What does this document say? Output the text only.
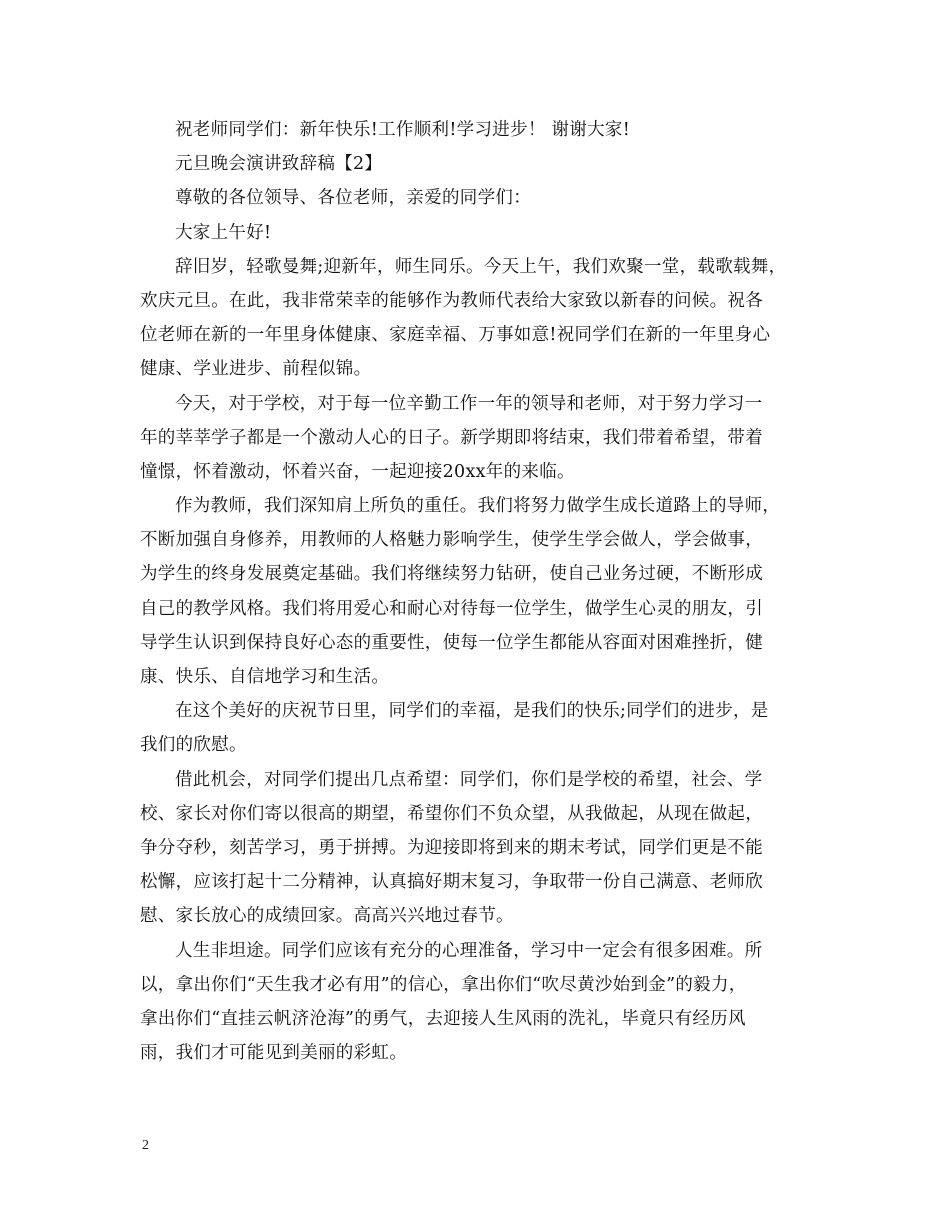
祝老师同学们：新年快乐!工作顺利!学习进步！ 谢谢大家!
元旦晚会演讲致辞稿【2】
尊敬的各位领导、各位老师，亲爱的同学们：
大家上午好!
辞旧岁，轻歌曼舞;迎新年，师生同乐。今天上午，我们欢聚一堂，载歌载舞，
欢庆元旦。在此，我非常荣幸的能够作为教师代表给大家致以新春的问候。祝各
位老师在新的一年里身体健康、家庭幸福、万事如意!祝同学们在新的一年里身心
健康、学业进步、前程似锦。
今天，对于学校，对于每一位辛勤工作一年的领导和老师，对于努力学习一
年的莘莘学子都是一个激动人心的日子。新学期即将结束，我们带着希望，带着
憧憬，怀着激动，怀着兴奋，一起迎接20xx年的来临。
作为教师，我们深知肩上所负的重任。我们将努力做学生成长道路上的导师，
不断加强自身修养，用教师的人格魅力影响学生，使学生学会做人，学会做事，
为学生的终身发展奠定基础。我们将继续努力钻研，使自己业务过硬，不断形成
自己的教学风格。我们将用爱心和耐心对待每一位学生，做学生心灵的朋友，引
导学生认识到保持良好心态的重要性，使每一位学生都能从容面对困难挫折，健
康、快乐、自信地学习和生活。
在这个美好的庆祝节日里，同学们的幸福，是我们的快乐;同学们的进步，是
我们的欣慰。
借此机会，对同学们提出几点希望：同学们，你们是学校的希望，社会、学
校、家长对你们寄以很高的期望，希望你们不负众望，从我做起，从现在做起，
争分夺秒，刻苦学习，勇于拼搏。为迎接即将到来的期末考试，同学们更是不能
松懈，应该打起十二分精神，认真搞好期末复习，争取带一份自己满意、老师欣
慰、家长放心的成绩回家。高高兴兴地过春节。
人生非坦途。同学们应该有充分的心理准备，学习中一定会有很多困难。所
以，拿出你们“天生我才必有用”的信心，拿出你们“吹尽黄沙始到金”的毅力，
拿出你们“直挂云帆济沧海”的勇气，去迎接人生风雨的洗礼，毕竟只有经历风
雨，我们才可能见到美丽的彩虹。
2
